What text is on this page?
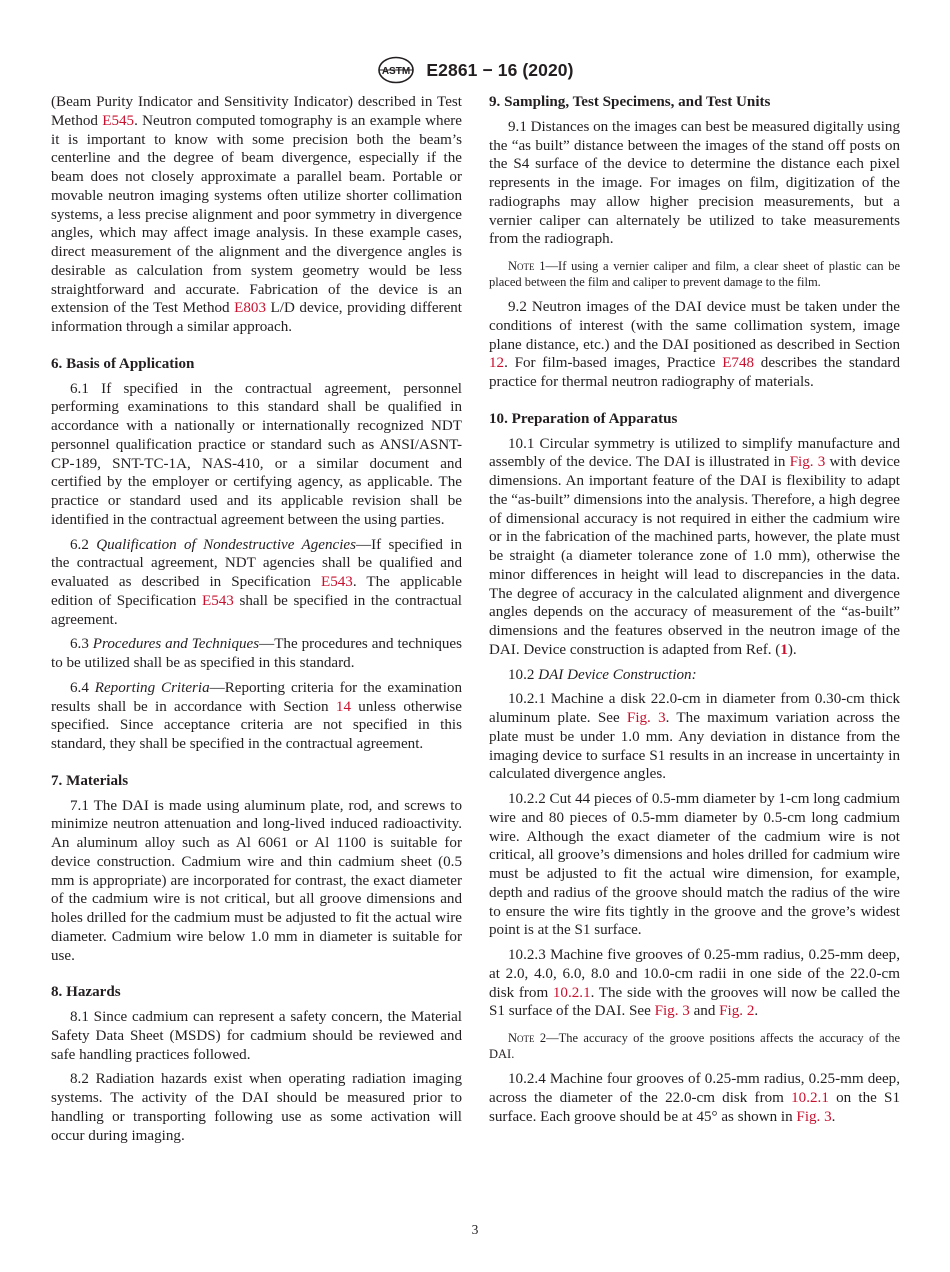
ASTM E2861 − 16 (2020)

(Beam Purity Indicator and Sensitivity Indicator) described in Test Method E545. Neutron computed tomography is an example where it is important to know with some precision both the beam’s centerline and the degree of beam divergence, especially if the beam does not closely approximate a parallel beam. Portable or movable neutron imaging systems often utilize shorter collimation systems, a less precise alignment and poor symmetry in divergence angles, which may affect image analysis. In these example cases, direct measurement of the alignment and the divergence angles is desirable as calculation from system geometry would be less straightforward and accurate. Fabrication of the device is an extension of the Test Method E803 L/D device, providing different information through a similar approach.

6. Basis of Application

6.1 If specified in the contractual agreement, personnel performing examinations to this standard shall be qualified in accordance with a nationally or internationally recognized NDT personnel qualification practice or standard such as ANSI/ASNT-CP-189, SNT-TC-1A, NAS-410, or a similar document and certified by the employer or certifying agency, as applicable. The practice or standard used and its applicable revision shall be identified in the contractual agreement between the using parties.

6.2 Qualification of Nondestructive Agencies—If specified in the contractual agreement, NDT agencies shall be qualified and evaluated as described in Specification E543. The applicable edition of Specification E543 shall be specified in the contractual agreement.

6.3 Procedures and Techniques—The procedures and techniques to be utilized shall be as specified in this standard.

6.4 Reporting Criteria—Reporting criteria for the examination results shall be in accordance with Section 14 unless otherwise specified. Since acceptance criteria are not specified in this standard, they shall be specified in the contractual agreement.

7. Materials

7.1 The DAI is made using aluminum plate, rod, and screws to minimize neutron attenuation and long-lived induced radioactivity. An aluminum alloy such as Al 6061 or Al 1100 is suitable for device construction. Cadmium wire and thin cadmium sheet (0.5 mm is appropriate) are incorporated for contrast, the exact diameter of the cadmium wire is not critical, but all groove dimensions and holes drilled for the cadmium must be adjusted to fit the actual wire diameter. Cadmium wire below 1.0 mm in diameter is suitable for use.

8. Hazards

8.1 Since cadmium can represent a safety concern, the Material Safety Data Sheet (MSDS) for cadmium should be reviewed and safe handling practices followed.

8.2 Radiation hazards exist when operating radiation imaging systems. The activity of the DAI should be measured prior to handling or transporting following use as some activation will occur during imaging.

9. Sampling, Test Specimens, and Test Units

9.1 Distances on the images can best be measured digitally using the “as built” distance between the images of the stand off posts on the S4 surface of the device to determine the distance each pixel represents in the image. For images on film, digitization of the radiographs may allow higher precision measurements, but a vernier caliper can alternately be utilized to take measurements from the radiograph.

Note 1—If using a vernier caliper and film, a clear sheet of plastic can be placed between the film and caliper to prevent damage to the film.

9.2 Neutron images of the DAI device must be taken under the conditions of interest (with the same collimation system, image plane distance, etc.) and the DAI positioned as described in Section 12. For film-based images, Practice E748 describes the standard practice for thermal neutron radiography of materials.

10. Preparation of Apparatus

10.1 Circular symmetry is utilized to simplify manufacture and assembly of the device. The DAI is illustrated in Fig. 3 with device dimensions. An important feature of the DAI is flexibility to adapt the “as-built” dimensions into the analysis. Therefore, a high degree of dimensional accuracy is not required in either the cadmium wire or in the fabrication of the machined parts, however, the plate must be straight (a diameter tolerance zone of 1.0 mm), otherwise the minor differences in height will lead to discrepancies in the data. The degree of accuracy in the calculated alignment and divergence angles depends on the accuracy of measurement of the “as-built” dimensions and the features observed in the neutron image of the DAI. Device construction is adapted from Ref. (1).

10.2 DAI Device Construction:

10.2.1 Machine a disk 22.0-cm in diameter from 0.30-cm thick aluminum plate. See Fig. 3. The maximum variation across the plate must be under 1.0 mm. Any deviation in distance from the imaging device to surface S1 results in an increase in uncertainty in calculated divergence angles.

10.2.2 Cut 44 pieces of 0.5-mm diameter by 1-cm long cadmium wire and 80 pieces of 0.5-mm diameter by 0.5-cm long cadmium wire. Although the exact diameter of the cadmium wire is not critical, all groove’s dimensions and holes drilled for cadmium wire must be adjusted to fit the actual wire dimension, for example, depth and radius of the groove should match the radius of the wire to ensure the wire fits tightly in the groove and the grove’s widest point is at the S1 surface.

10.2.3 Machine five grooves of 0.25-mm radius, 0.25-mm deep, at 2.0, 4.0, 6.0, 8.0 and 10.0-cm radii in one side of the 22.0-cm disk from 10.2.1. The side with the grooves will now be called the S1 surface of the DAI. See Fig. 3 and Fig. 2.

Note 2—The accuracy of the groove positions affects the accuracy of the DAI.

10.2.4 Machine four grooves of 0.25-mm radius, 0.25-mm deep, across the diameter of the 22.0-cm disk from 10.2.1 on the S1 surface. Each groove should be at 45° as shown in Fig. 3.

3
